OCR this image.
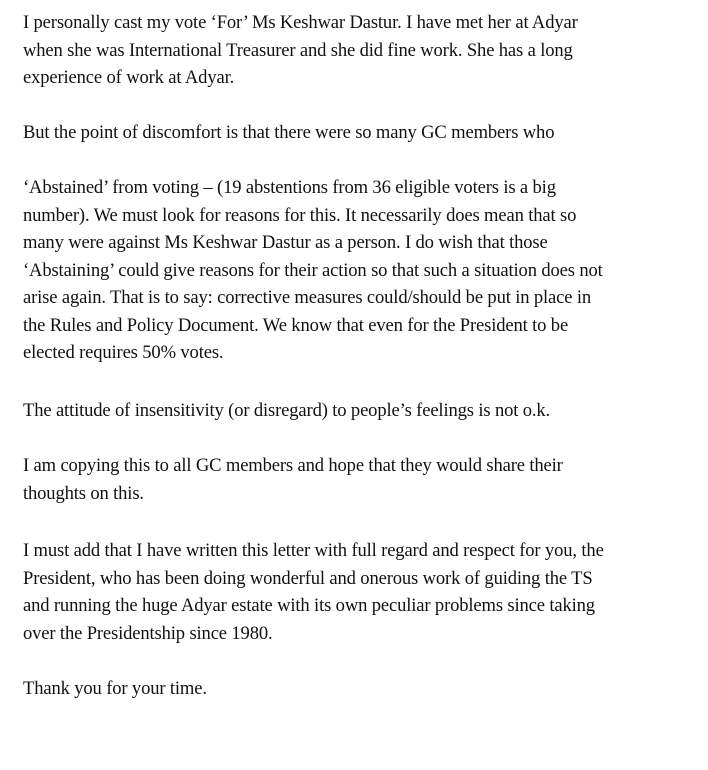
I personally cast my vote ‘For’ Ms Keshwar Dastur. I have met her at Adyar
when she was International Treasurer and she did fine work. She has a long
experience of work at Adyar.

But the point of discomfort is that there were so many GC members who

‘Abstained’ from voting – (19 abstentions from 36 eligible voters is a big
number). We must look for reasons for this. It necessarily does mean that so
many were against Ms Keshwar Dastur as a person. I do wish that those
‘Abstaining’ could give reasons for their action so that such a situation does not
arise again. That is to say: corrective measures could/should be put in place in
the Rules and Policy Document. We know that even for the President to be
elected requires 50% votes.

The attitude of insensitivity (or disregard) to people’s feelings is not o.k.

I am copying this to all GC members and hope that they would share their
thoughts on this.

I must add that I have written this letter with full regard and respect for you, the
President, who has been doing wonderful and onerous work of guiding the TS
and running the huge Adyar estate with its own peculiar problems since taking
over the Presidentship since 1980.

Thank you for your time.
